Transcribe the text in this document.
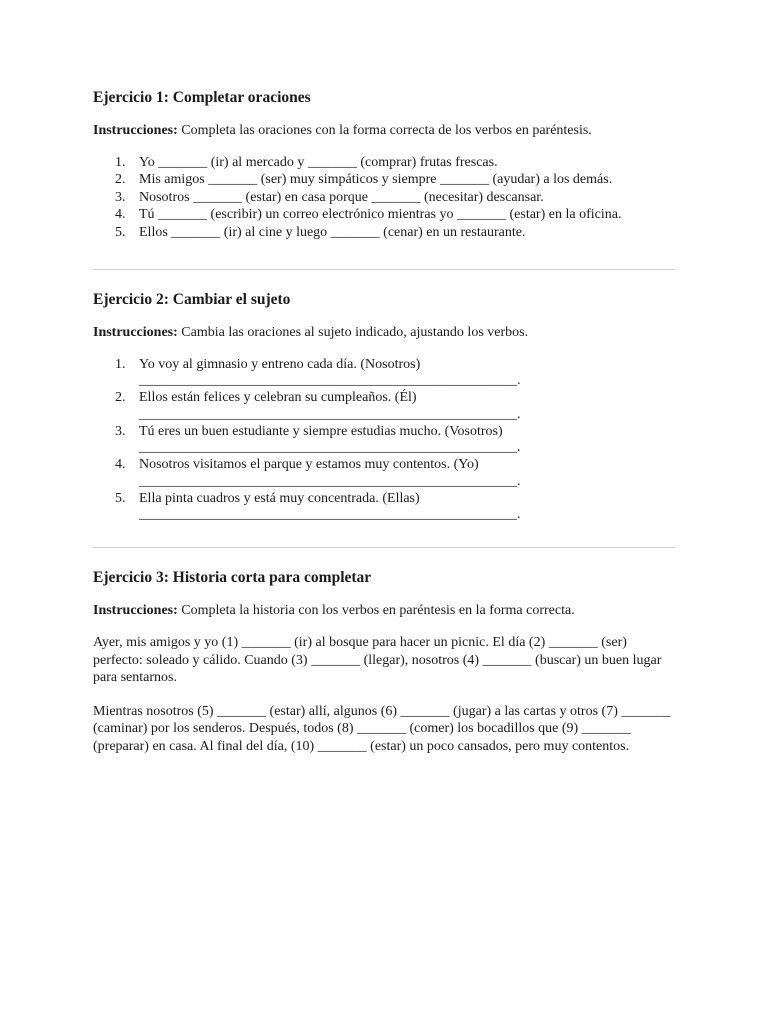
Ejercicio 1: Completar oraciones

Instrucciones: Completa las oraciones con la forma correcta de los verbos en paréntesis.

1. Yo _______ (ir) al mercado y _______ (comprar) frutas frescas.
2. Mis amigos _______ (ser) muy simpáticos y siempre _______ (ayudar) a los demás.
3. Nosotros _______ (estar) en casa porque _______ (necesitar) descansar.
4. Tú _______ (escribir) un correo electrónico mientras yo _______ (estar) en la oficina.
5. Ellos _______ (ir) al cine y luego _______ (cenar) en un restaurante.
Ejercicio 2: Cambiar el sujeto

Instrucciones: Cambia las oraciones al sujeto indicado, ajustando los verbos.

1. Yo voy al gimnasio y entreno cada día. (Nosotros)
______________________________________________________.
2. Ellos están felices y celebran su cumpleaños. (Él)
______________________________________________________.
3. Tú eres un buen estudiante y siempre estudias mucho. (Vosotros)
______________________________________________________.
4. Nosotros visitamos el parque y estamos muy contentos. (Yo)
______________________________________________________.
5. Ella pinta cuadros y está muy concentrada. (Ellas)
______________________________________________________.
Ejercicio 3: Historia corta para completar

Instrucciones: Completa la historia con los verbos en paréntesis en la forma correcta.

Ayer, mis amigos y yo (1) _______ (ir) al bosque para hacer un picnic. El día (2) _______ (ser) perfecto: soleado y cálido. Cuando (3) _______ (llegar), nosotros (4) _______ (buscar) un buen lugar para sentarnos.

Mientras nosotros (5) _______ (estar) allí, algunos (6) _______ (jugar) a las cartas y otros (7) _______ (caminar) por los senderos. Después, todos (8) _______ (comer) los bocadillos que (9) _______ (preparar) en casa. Al final del día, (10) _______ (estar) un poco cansados, pero muy contentos.
